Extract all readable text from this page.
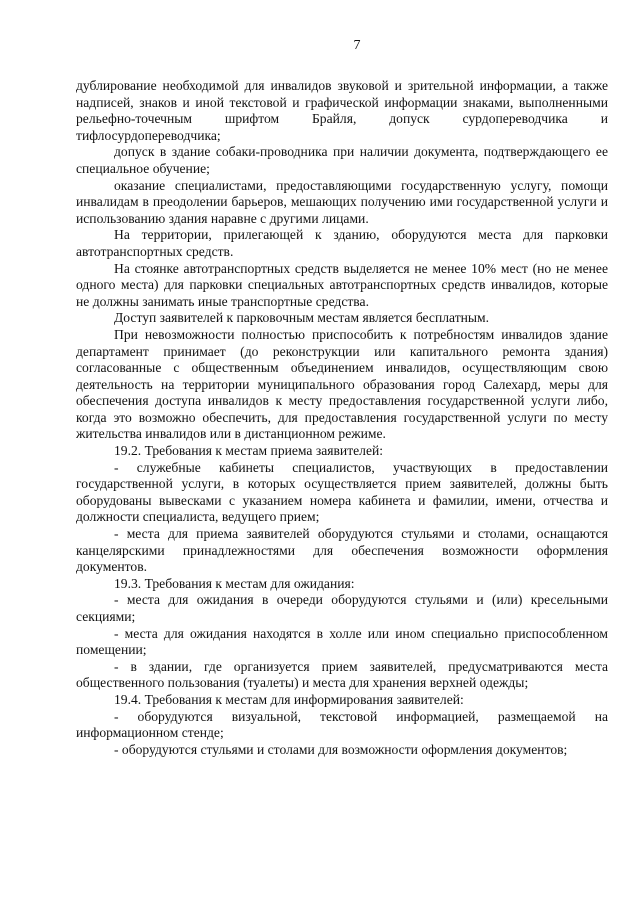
7

дублирование необходимой для инвалидов звуковой и зрительной информации, а также надписей, знаков и иной текстовой и графической информации знаками, выполненными рельефно-точечным шрифтом Брайля, допуск сурдопереводчика и тифлосурдопереводчика;

допуск в здание собаки-проводника при наличии документа, подтверждающего ее специальное обучение;

оказание специалистами, предоставляющими государственную услугу, помощи инвалидам в преодолении барьеров, мешающих получению ими государственной услуги и использованию здания наравне с другими лицами.

На территории, прилегающей к зданию, оборудуются места для парковки автотранспортных средств.

На стоянке автотранспортных средств выделяется не менее 10% мест (но не менее одного места) для парковки специальных автотранспортных средств инвалидов, которые не должны занимать иные транспортные средства.

Доступ заявителей к парковочным местам является бесплатным.

При невозможности полностью приспособить к потребностям инвалидов здание департамент принимает (до реконструкции или капитального ремонта здания) согласованные с общественным объединением инвалидов, осуществляющим свою деятельность на территории муниципального образования город Салехард, меры для обеспечения доступа инвалидов к месту предоставления государственной услуги либо, когда это возможно обеспечить, для предоставления государственной услуги по месту жительства инвалидов или в дистанционном режиме.

19.2. Требования к местам приема заявителей:

- служебные кабинеты специалистов, участвующих в предоставлении государственной услуги, в которых осуществляется прием заявителей, должны быть оборудованы вывесками с указанием номера кабинета и фамилии, имени, отчества и должности специалиста, ведущего прием;

- места для приема заявителей оборудуются стульями и столами, оснащаются канцелярскими принадлежностями для обеспечения возможности оформления документов.

19.3. Требования к местам для ожидания:

- места для ожидания в очереди оборудуются стульями и (или) кресельными секциями;

- места для ожидания находятся в холле или ином специально приспособленном помещении;

- в здании, где организуется прием заявителей, предусматриваются места общественного пользования (туалеты) и места для хранения верхней одежды;

19.4. Требования к местам для информирования заявителей:

- оборудуются визуальной, текстовой информацией, размещаемой на информационном стенде;

- оборудуются стульями и столами для возможности оформления документов;
